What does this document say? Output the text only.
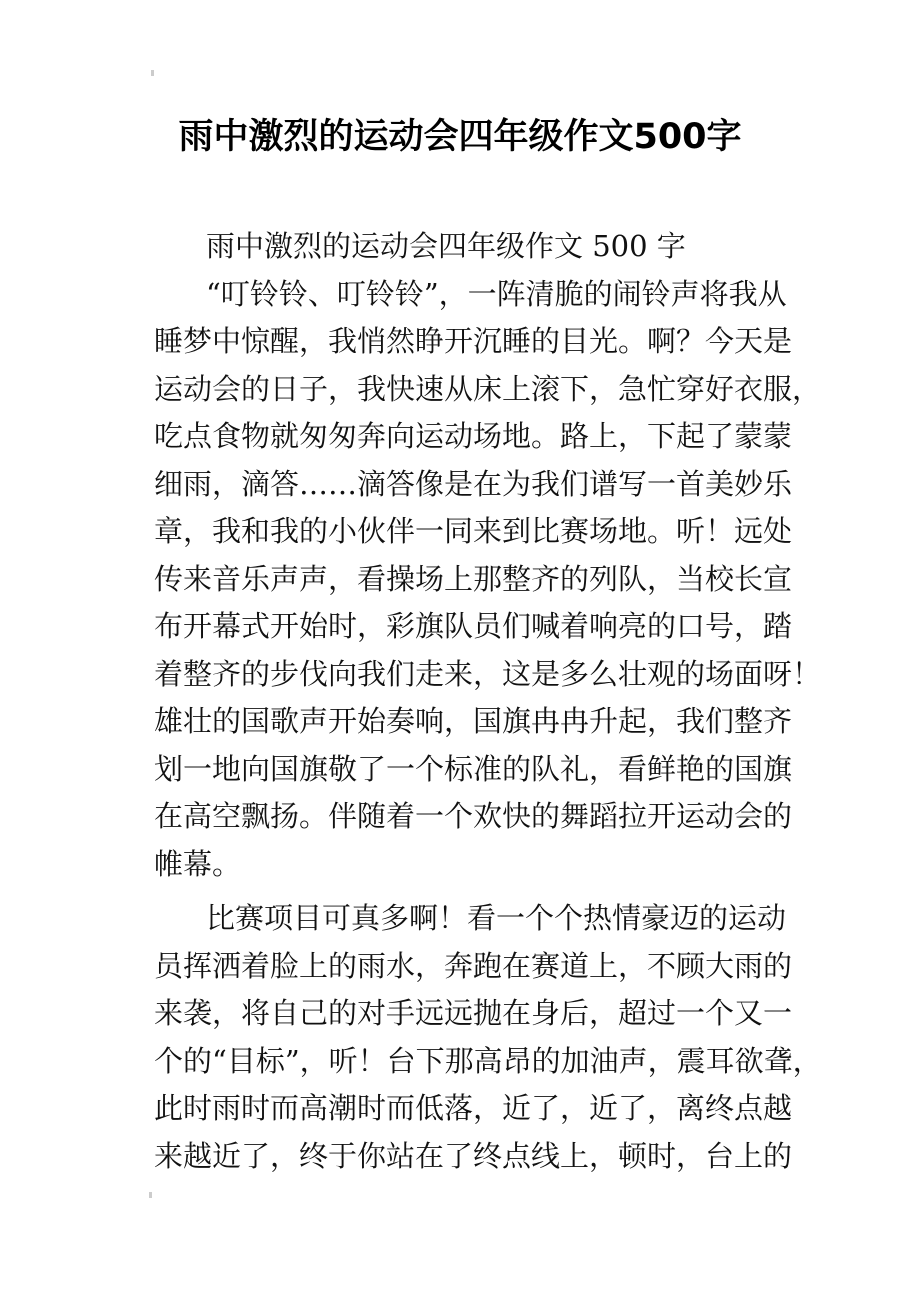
雨中激烈的运动会四年级作文500字
雨中激烈的运动会四年级作文 500 字
“叮铃铃、叮铃铃”，一阵清脆的闹铃声将我从
睡梦中惊醒，我悄然睁开沉睡的目光。啊？今天是
运动会的日子，我快速从床上滚下，急忙穿好衣服，
吃点食物就匆匆奔向运动场地。路上，下起了蒙蒙
细雨，滴答……滴答像是在为我们谱写一首美妙乐
章，我和我的小伙伴一同来到比赛场地。听！远处
传来音乐声声，看操场上那整齐的列队，当校长宣
布开幕式开始时，彩旗队员们喊着响亮的口号，踏
着整齐的步伐向我们走来，这是多么壮观的场面呀！
雄壮的国歌声开始奏响，国旗冉冉升起，我们整齐
划一地向国旗敬了一个标准的队礼，看鲜艳的国旗
在高空飘扬。伴随着一个欢快的舞蹈拉开运动会的
帷幕。
比赛项目可真多啊！看一个个热情豪迈的运动
员挥洒着脸上的雨水，奔跑在赛道上，不顾大雨的
来袭，将自己的对手远远抛在身后，超过一个又一
个的“目标”，听！台下那高昂的加油声，震耳欲聋，
此时雨时而高潮时而低落，近了，近了，离终点越
来越近了，终于你站在了终点线上，顿时，台上的
